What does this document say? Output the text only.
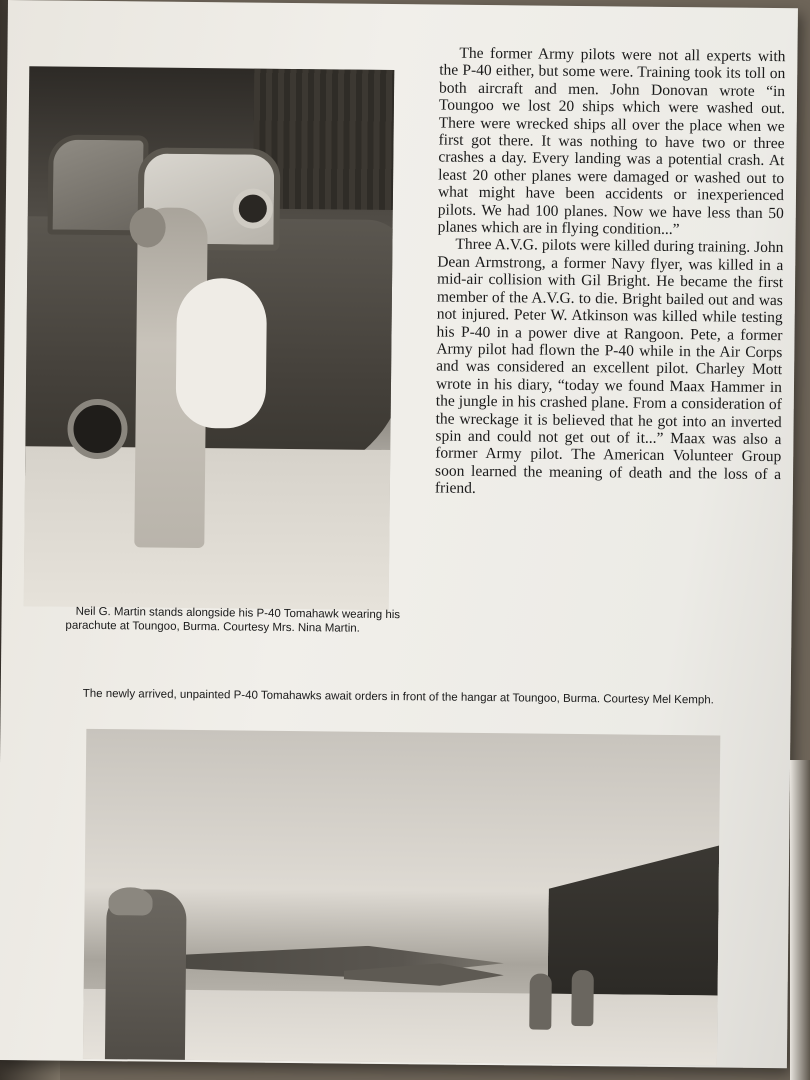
The former Army pilots were not all experts with the P-40 either, but some were. Training took its toll on both aircraft and men. John Donovan wrote “in Toungoo we lost 20 ships which were washed out. There were wrecked ships all over the place when we first got there. It was nothing to have two or three crashes a day. Every landing was a potential crash. At least 20 other planes were damaged or washed out to what might have been accidents or inexperienced pilots. We had 100 planes. Now we have less than 50 planes which are in flying condition...”

Three A.V.G. pilots were killed during training. John Dean Armstrong, a former Navy flyer, was killed in a mid-air collision with Gil Bright. He became the first member of the A.V.G. to die. Bright bailed out and was not injured. Peter W. Atkinson was killed while testing his P-40 in a power dive at Rangoon. Pete, a former Army pilot had flown the P-40 while in the Air Corps and was considered an excellent pilot. Charley Mott wrote in his diary, “today we found Maax Hammer in the jungle in his crashed plane. From a consideration of the wreckage it is believed that he got into an inverted spin and could not get out of it...” Maax was also a former Army pilot. The American Volunteer Group soon learned the meaning of death and the loss of a friend.

Neil G. Martin stands alongside his P-40 Tomahawk wearing his parachute at Toungoo, Burma. Courtesy Mrs. Nina Martin.
The newly arrived, unpainted P-40 Tomahawks await orders in front of the hangar at Toungoo, Burma. Courtesy Mel Kemph.
